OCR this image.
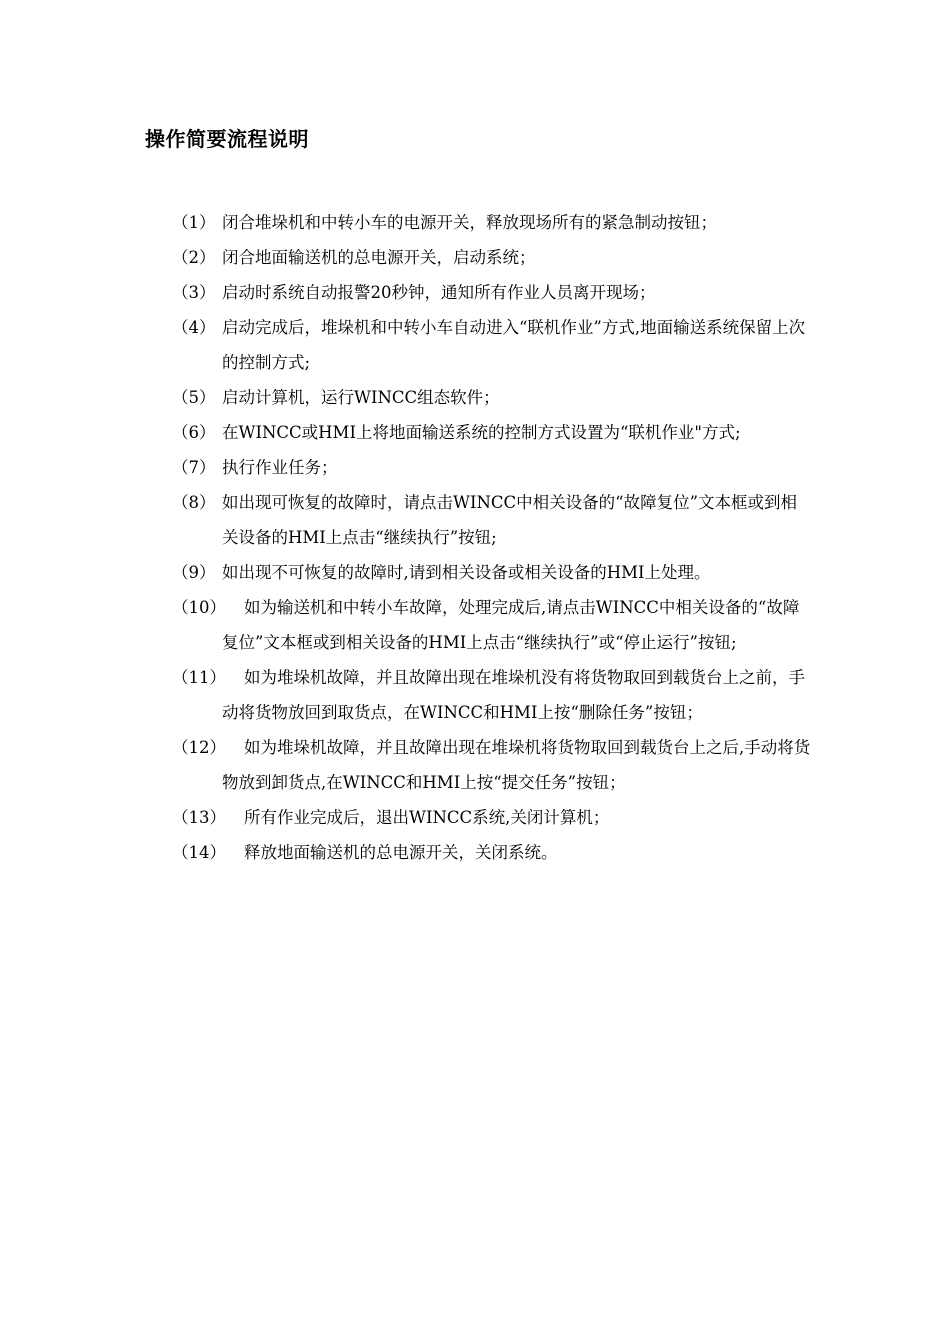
操作简要流程说明
（1） 闭合堆垛机和中转小车的电源开关，释放现场所有的紧急制动按钮；
（2） 闭合地面输送机的总电源开关，启动系统；
（3） 启动时系统自动报警20秒钟，通知所有作业人员离开现场；
（4） 启动完成后，堆垛机和中转小车自动进入“联机作业”方式,地面输送系统保留上次的控制方式;
（5） 启动计算机，运行WINCC组态软件；
（6） 在WINCC或HMI上将地面输送系统的控制方式设置为“联机作业"方式;
（7） 执行作业任务；
（8） 如出现可恢复的故障时，请点击WINCC中相关设备的“故障复位”文本框或到相关设备的HMI上点击“继续执行”按钮;
（9） 如出现不可恢复的故障时,请到相关设备或相关设备的HMI上处理。
（10） 如为输送机和中转小车故障，处理完成后,请点击WINCC中相关设备的“故障复位”文本框或到相关设备的HMI上点击“继续执行”或“停止运行”按钮;
（11） 如为堆垛机故障，并且故障出现在堆垛机没有将货物取回到载货台上之前，手动将货物放回到取货点，在WINCC和HMI上按“删除任务”按钮；
（12） 如为堆垛机故障，并且故障出现在堆垛机将货物取回到载货台上之后,手动将货物放到卸货点,在WINCC和HMI上按“提交任务”按钮；
（13）	所有作业完成后，退出WINCC系统,关闭计算机；
（14）	释放地面输送机的总电源开关，关闭系统。
